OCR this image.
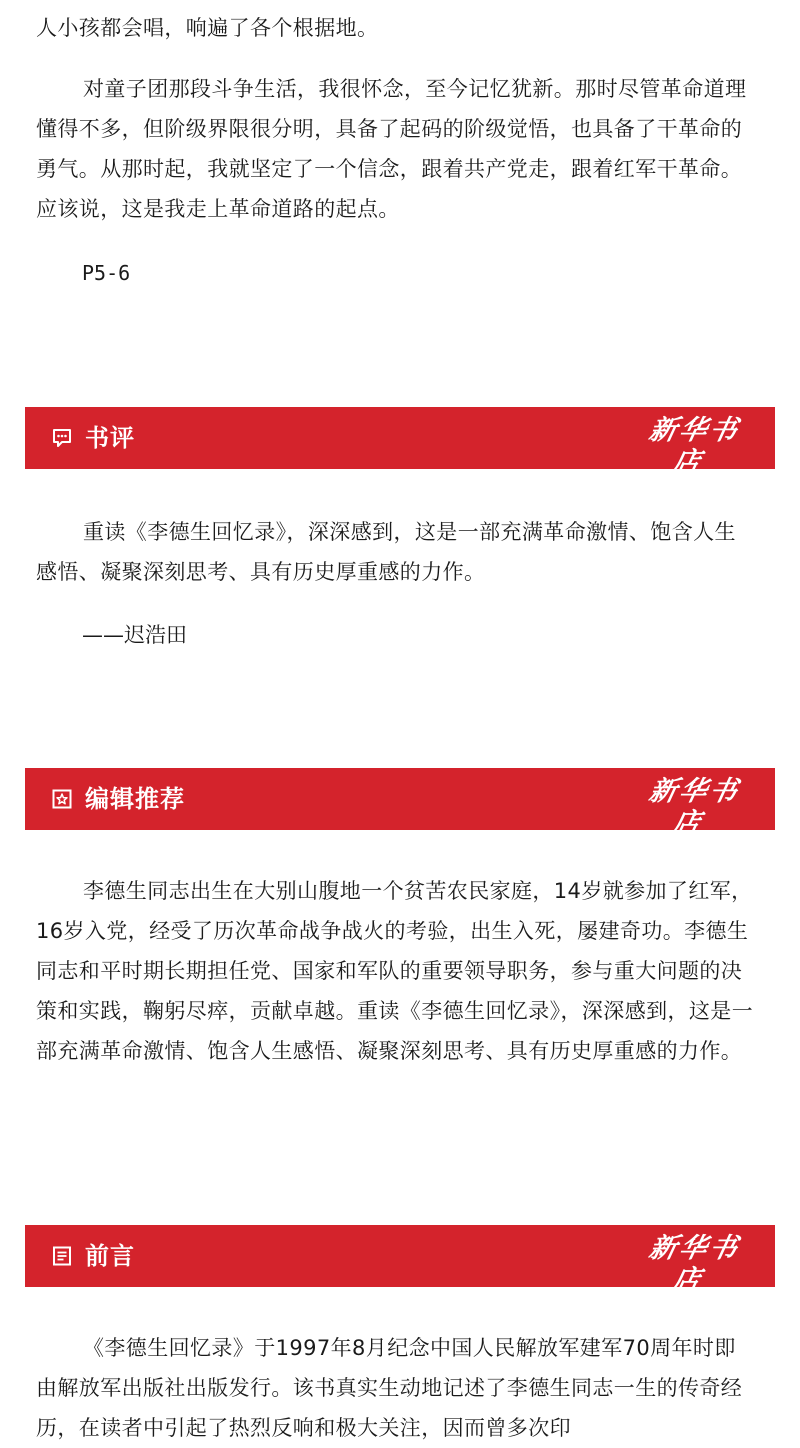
人小孩都会唱，响遍了各个根据地。

对童子团那段斗争生活，我很怀念，至今记忆犹新。那时尽管革命道理懂得不多，但阶级界限很分明，具备了起码的阶级觉悟，也具备了干革命的勇气。从那时起，我就坚定了一个信念，跟着共产党走，跟着红军干革命。应该说，这是我走上革命道路的起点。

P5-6
书评	新华书店
XINHUA BOOKSTORE

重读《李德生回忆录》，深深感到，这是一部充满革命激情、饱含人生感悟、凝聚深刻思考、具有历史厚重感的力作。

——迟浩田
编辑推荐	新华书店
XINHUA BOOKSTORE

李德生同志出生在大别山腹地一个贫苦农民家庭，14岁就参加了红军，16岁入党，经受了历次革命战争战火的考验，出生入死，屡建奇功。李德生同志和平时期长期担任党、国家和军队的重要领导职务，参与重大问题的决策和实践，鞠躬尽瘁，贡献卓越。重读《李德生回忆录》，深深感到，这是一部充满革命激情、饱含人生感悟、凝聚深刻思考、具有历史厚重感的力作。

前言	新华书店
XINHUA BOOKSTORE

《李德生回忆录》于1997年8月纪念中国人民解放军建军70周年时即由解放军出版社出版发行。该书真实生动地记述了李德生同志一生的传奇经历，在读者中引起了热烈反响和极大关注，因而曾多次印
